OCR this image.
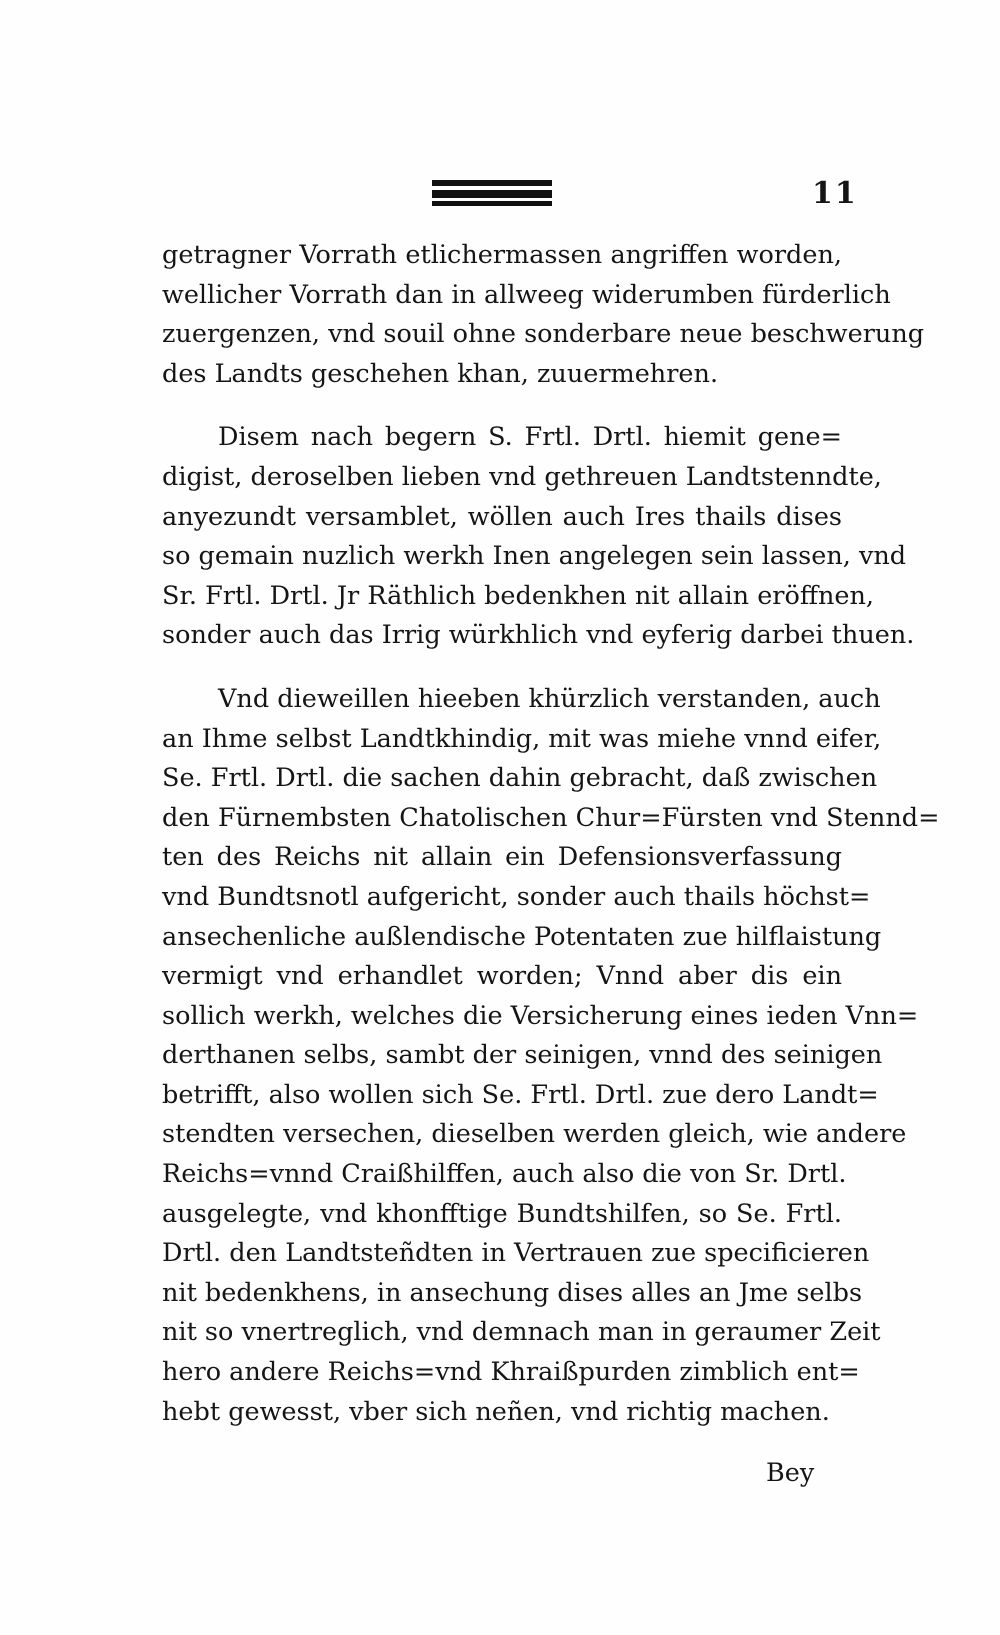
11
getragner Vorrath etlichermassen angriffen worden,
wellicher Vorrath dan in allweeg widerumben fürderlich
zuergenzen, vnd souil ohne sonderbare neue beschwerung
des Landts geschehen khan, zuuermehren.
Disem nach begern S. Frtl. Drtl. hiemit gene=
digist, deroselben lieben vnd gethreuen Landtstenndte,
anyezundt versamblet, wöllen auch Ires thails dises
so gemain nuzlich werkh Inen angelegen sein lassen, vnd
Sr. Frtl. Drtl. Jr Räthlich bedenkhen nit allain eröffnen,
sonder auch das Irrig würkhlich vnd eyferig darbei thuen.
Vnd dieweillen hieeben khürzlich verstanden, auch
an Ihme selbst Landtkhindig, mit was miehe vnnd eifer,
Se. Frtl. Drtl. die sachen dahin gebracht, daß zwischen
den Fürnembsten Chatolischen Chur=Fürsten vnd Stennd=
ten des Reichs nit allain ein Defensionsverfassung
vnd Bundtsnotl aufgericht, sonder auch thails höchst=
ansechenliche außlendische Potentaten zue hilflaistung
vermigt vnd erhandlet worden; Vnnd aber dis ein
sollich werkh, welches die Versicherung eines ieden Vnn=
derthanen selbs, sambt der seinigen, vnnd des seinigen
betrifft, also wollen sich Se. Frtl. Drtl. zue dero Landt=
stendten versechen, dieselben werden gleich, wie andere
Reichs=vnnd Craißhilffen, auch also die von Sr. Drtl.
ausgelegte, vnd khonfftige Bundtshilfen, so Se. Frtl.
Drtl. den Landtsteñdten in Vertrauen zue specificieren
nit bedenkhens, in ansechung dises alles an Jme selbs
nit so vnertreglich, vnd demnach man in geraumer Zeit
hero andere Reichs=vnd Khraißpurden zimblich ent=
hebt gewesst, vber sich neñen, vnd richtig machen.
Bey
